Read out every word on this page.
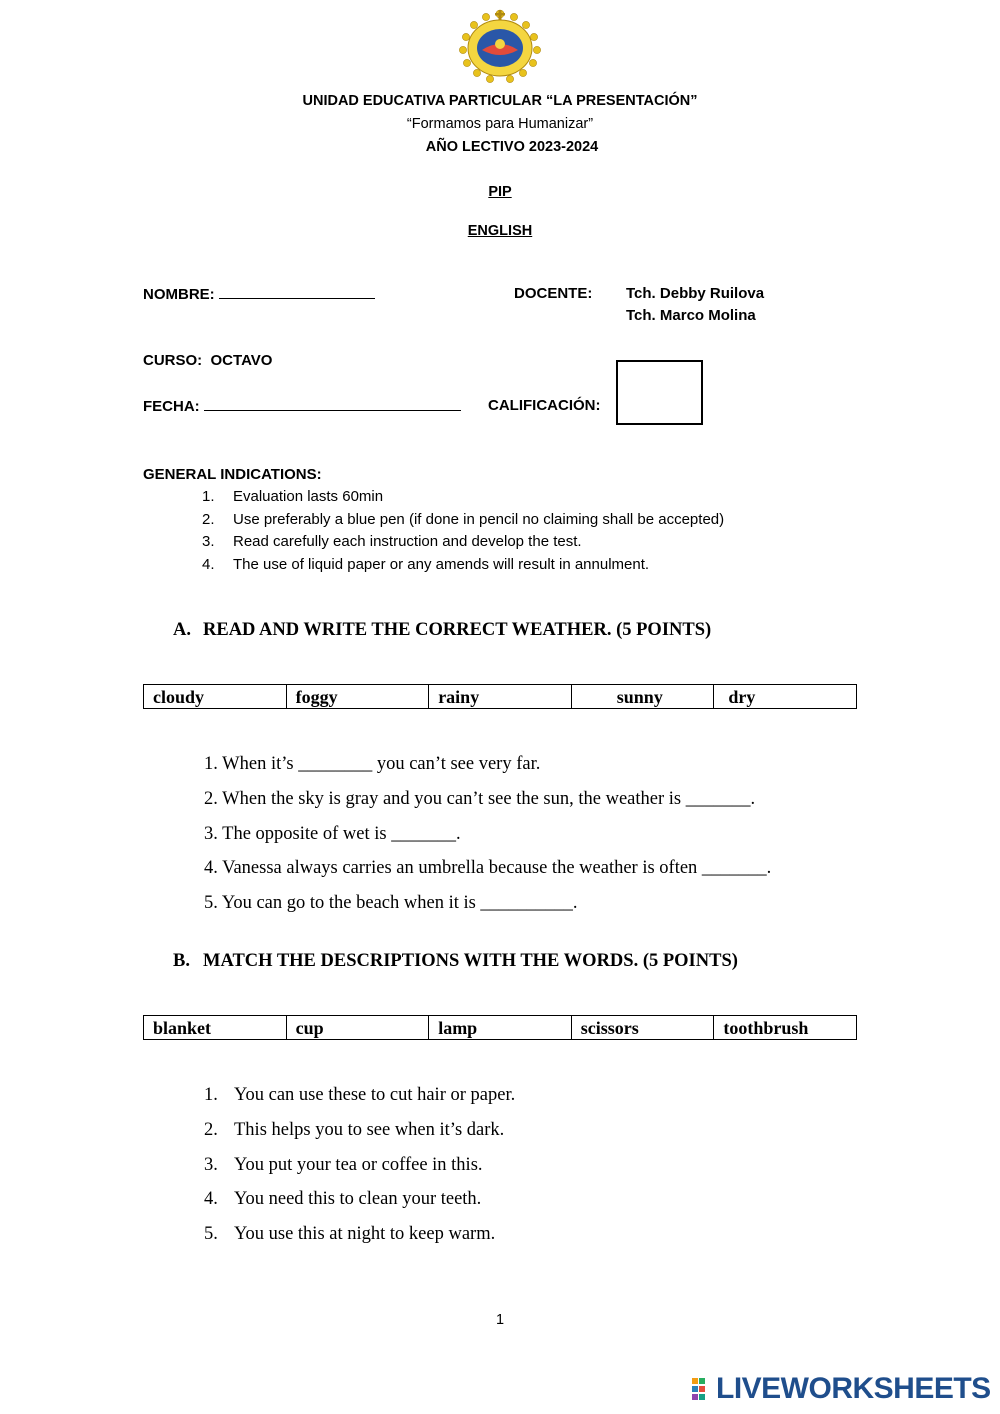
UNIDAD EDUCATIVA PARTICULAR “LA PRESENTACIÓN”
“Formamos para Humanizar”
AÑO LECTIVO 2023-2024
PIP
ENGLISH
NOMBRE:	DOCENTE: Tch. Debby Ruilova
Tch. Marco Molina
CURSO: OCTAVO
FECHA:	CALIFICACIÓN:
GENERAL INDICATIONS:
1. Evaluation lasts 60min
2. Use preferably a blue pen (if done in pencil no claiming shall be accepted)
3. Read carefully each instruction and develop the test.
4. The use of liquid paper or any amends will result in annulment.
A. READ AND WRITE THE CORRECT WEATHER. (5 POINTS)
cloudy	foggy	rainy	sunny	dry
1. When it’s ________ you can’t see very far.
2. When the sky is gray and you can’t see the sun, the weather is _______.
3. The opposite of wet is _______.
4. Vanessa always carries an umbrella because the weather is often _______.
5. You can go to the beach when it is __________.
B. MATCH THE DESCRIPTIONS WITH THE WORDS. (5 POINTS)
blanket	cup	lamp	scissors	toothbrush
1. You can use these to cut hair or paper.
2. This helps you to see when it’s dark.
3. You put your tea or coffee in this.
4. You need this to clean your teeth.
5. You use this at night to keep warm.
1
LIVEWORKSHEETS
